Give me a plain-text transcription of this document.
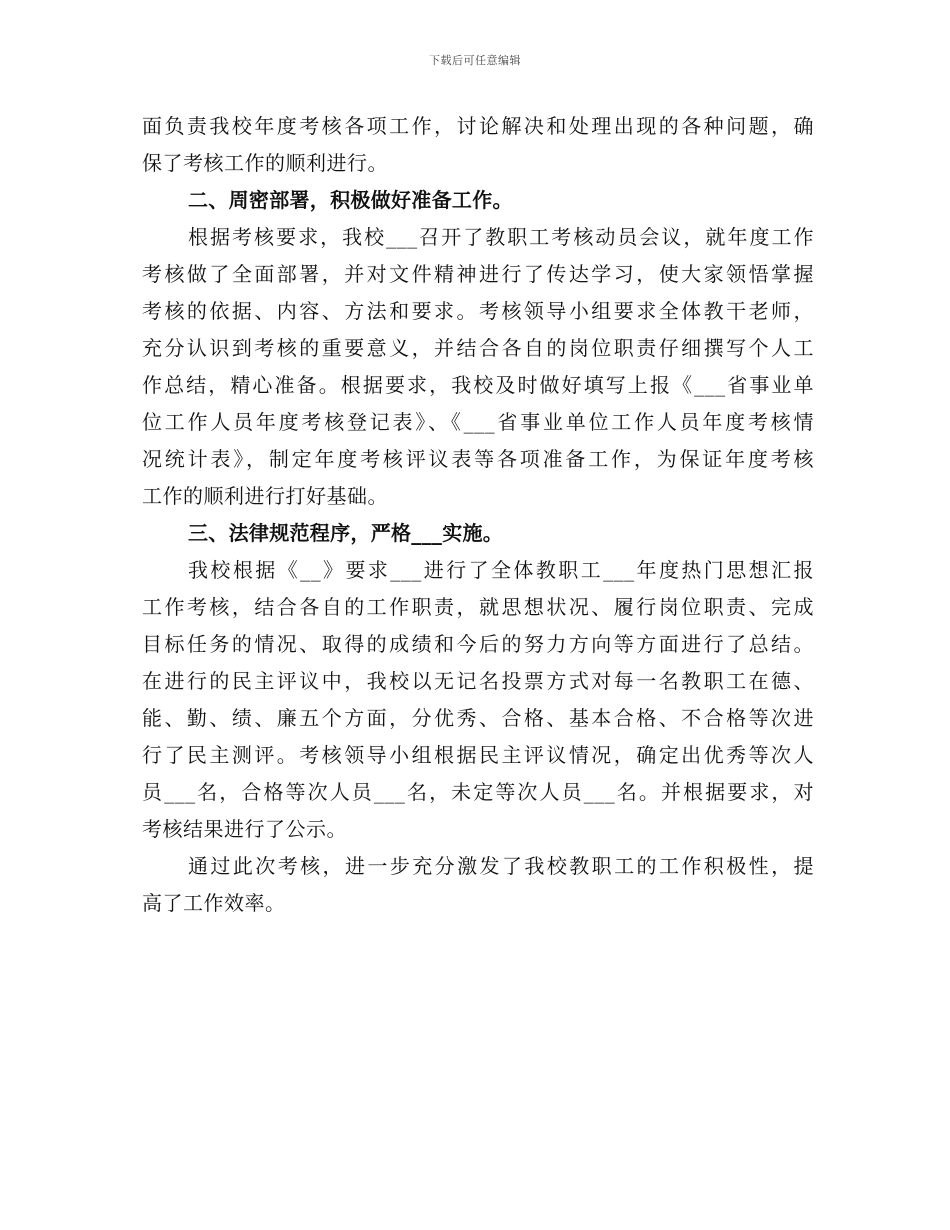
下载后可任意编辑
面负责我校年度考核各项工作，讨论解决和处理出现的各种问题，确
保了考核工作的顺利进行。
二、周密部署，积极做好准备工作。
根据考核要求，我校___召开了教职工考核动员会议，就年度工作
考核做了全面部署，并对文件精神进行了传达学习，使大家领悟掌握
考核的依据、内容、方法和要求。考核领导小组要求全体教干老师，
充分认识到考核的重要意义，并结合各自的岗位职责仔细撰写个人工
作总结，精心准备。根据要求，我校及时做好填写上报《___省事业单
位工作人员年度考核登记表》、《___省事业单位工作人员年度考核情
况统计表》，制定年度考核评议表等各项准备工作，为保证年度考核
工作的顺利进行打好基础。
三、法律规范程序，严格___实施。
我校根据《__》要求___进行了全体教职工___年度热门思想汇报
工作考核，结合各自的工作职责，就思想状况、履行岗位职责、完成
目标任务的情况、取得的成绩和今后的努力方向等方面进行了总结。
在进行的民主评议中，我校以无记名投票方式对每一名教职工在德、
能、勤、绩、廉五个方面，分优秀、合格、基本合格、不合格等次进
行了民主测评。考核领导小组根据民主评议情况，确定出优秀等次人
员___名，合格等次人员___名，未定等次人员___名。并根据要求，对
考核结果进行了公示。
通过此次考核，进一步充分激发了我校教职工的工作积极性，提
高了工作效率。
